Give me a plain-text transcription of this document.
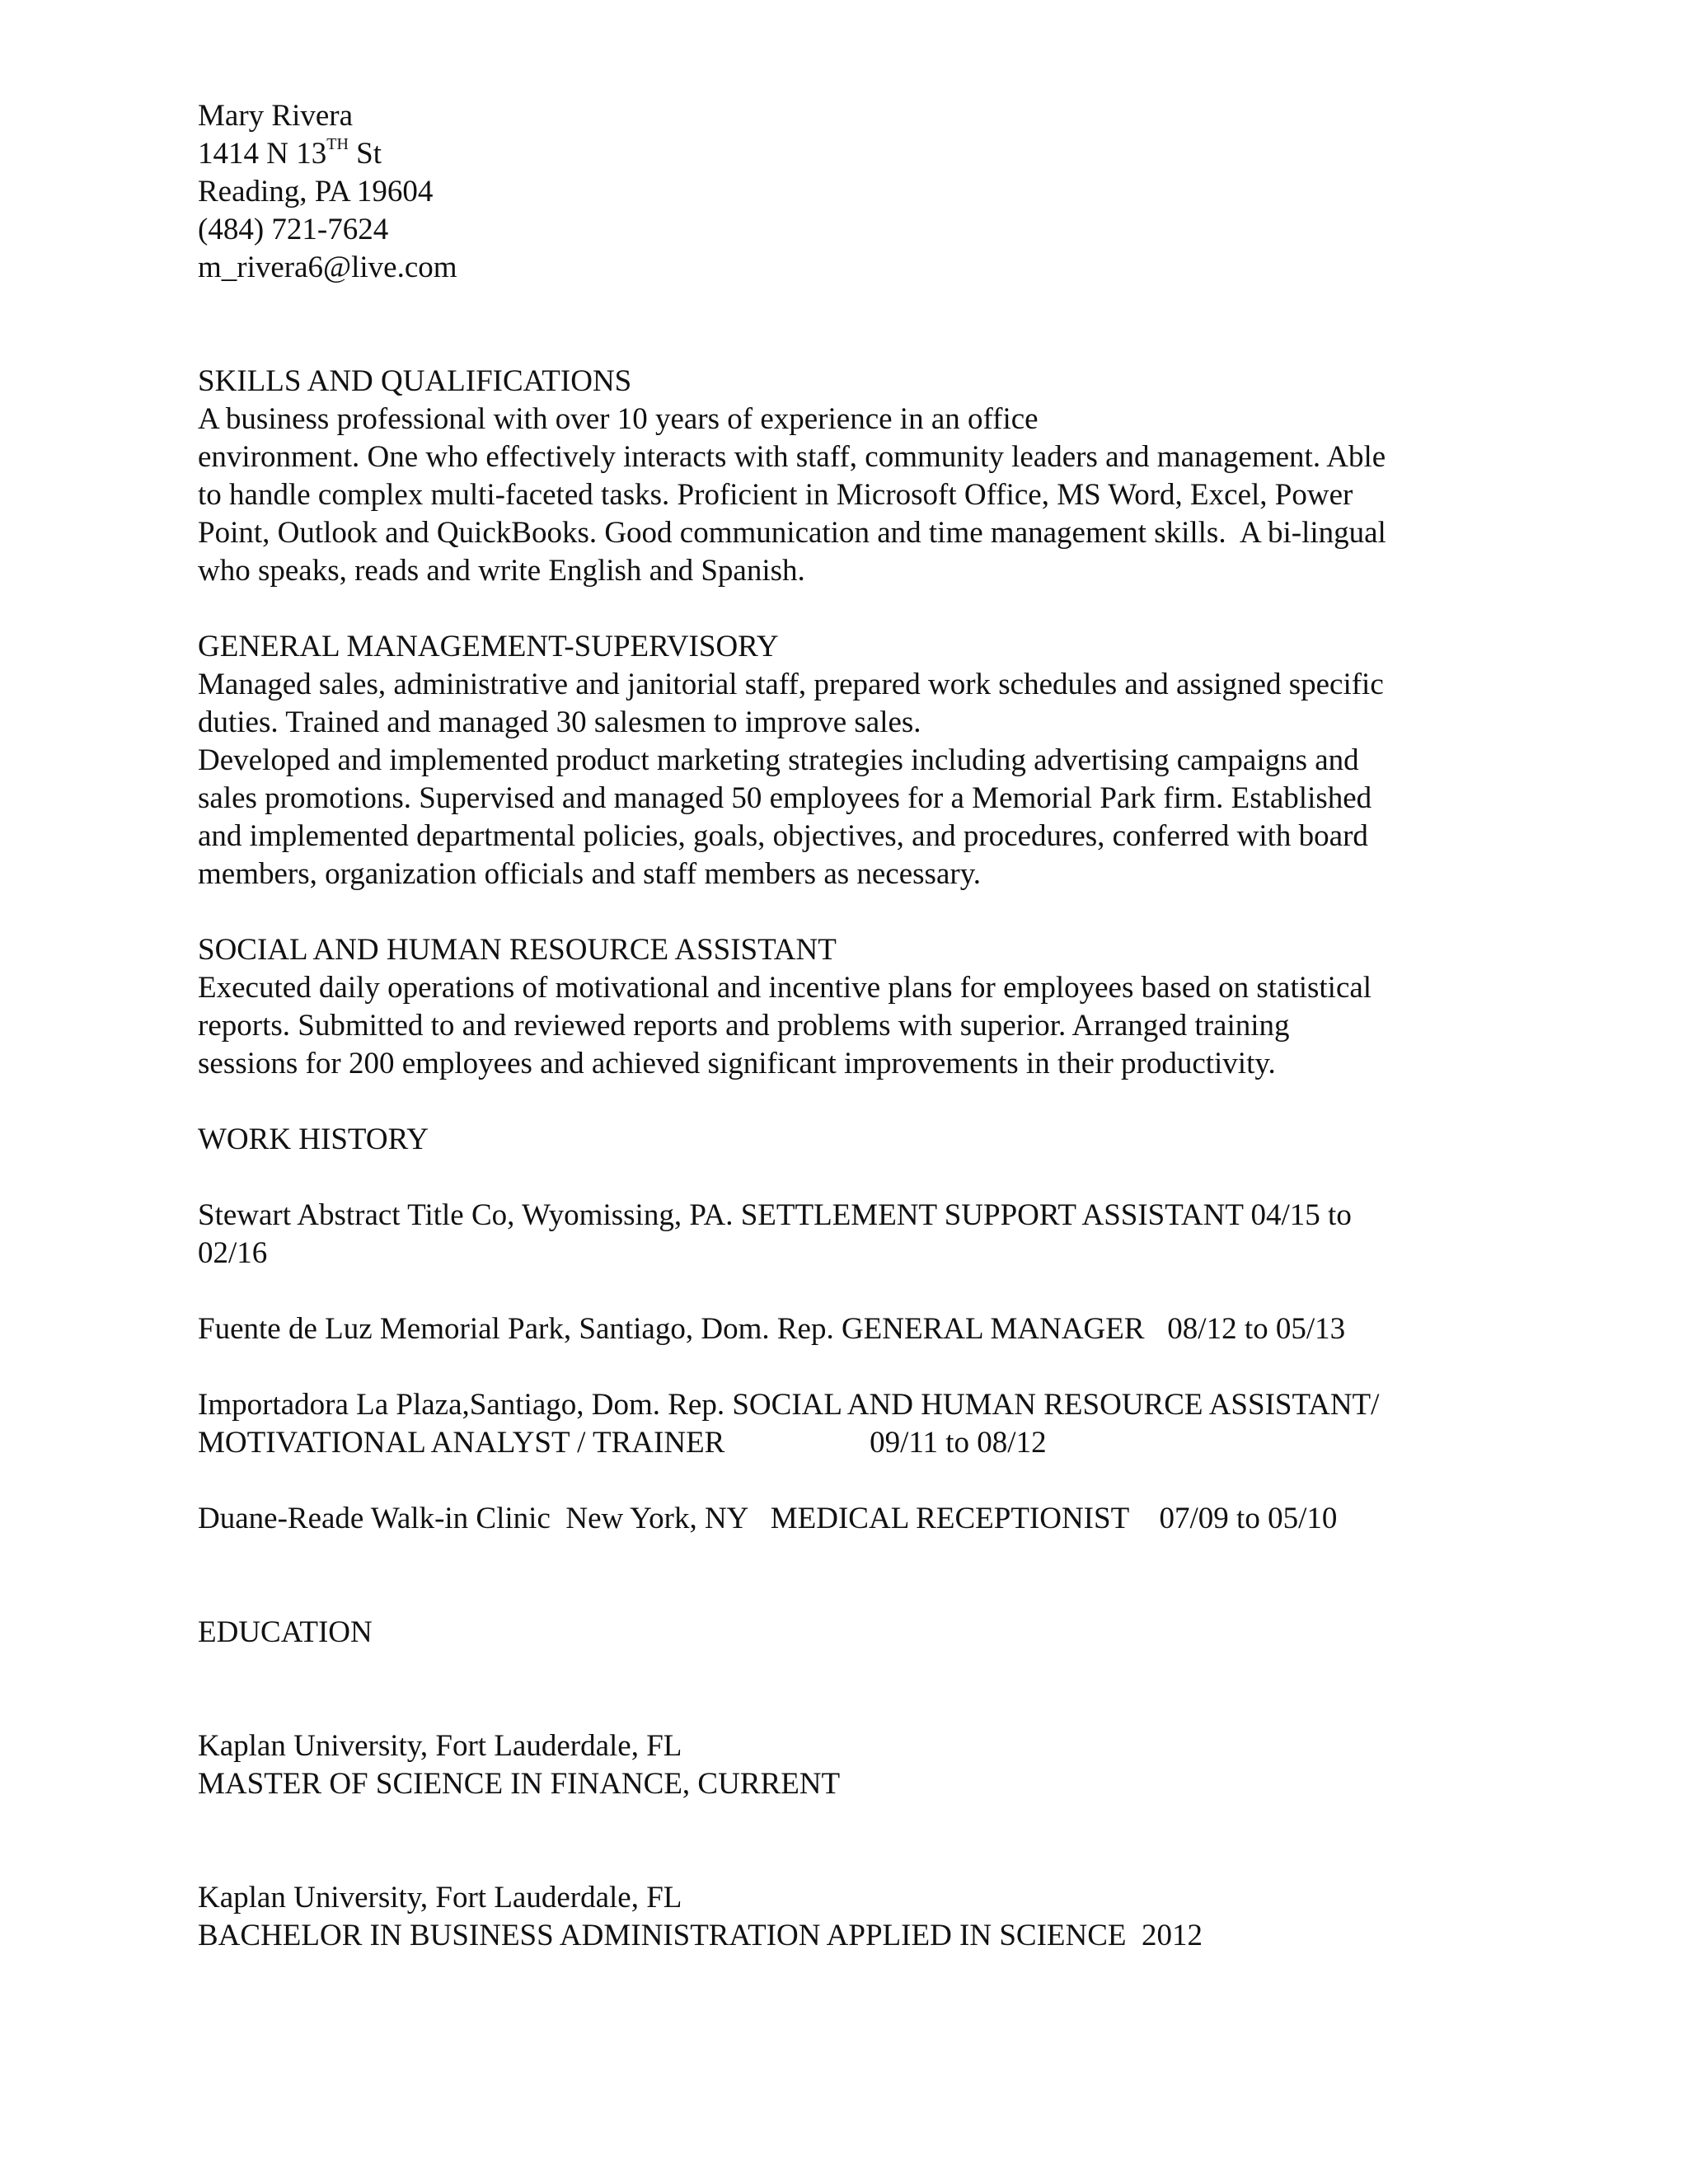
Mary Rivera
1414 N 13TH St
Reading, PA 19604
(484) 721-7624
m_rivera6@live.com
SKILLS AND QUALIFICATIONS
A business professional with over 10 years of experience in an office
environment. One who effectively interacts with staff, community leaders and management. Able
to handle complex multi-faceted tasks. Proficient in Microsoft Office, MS Word, Excel, Power
Point, Outlook and QuickBooks. Good communication and time management skills.  A bi-lingual
who speaks, reads and write English and Spanish.
GENERAL MANAGEMENT-SUPERVISORY
Managed sales, administrative and janitorial staff, prepared work schedules and assigned specific
duties. Trained and managed 30 salesmen to improve sales.
Developed and implemented product marketing strategies including advertising campaigns and
sales promotions. Supervised and managed 50 employees for a Memorial Park firm. Established
and implemented departmental policies, goals, objectives, and procedures, conferred with board
members, organization officials and staff members as necessary.
SOCIAL AND HUMAN RESOURCE ASSISTANT
Executed daily operations of motivational and incentive plans for employees based on statistical
reports. Submitted to and reviewed reports and problems with superior. Arranged training
sessions for 200 employees and achieved significant improvements in their productivity.
WORK HISTORY
Stewart Abstract Title Co, Wyomissing, PA. SETTLEMENT SUPPORT ASSISTANT 04/15 to
02/16
Fuente de Luz Memorial Park, Santiago, Dom. Rep. GENERAL MANAGER   08/12 to 05/13
Importadora La Plaza,Santiago, Dom. Rep. SOCIAL AND HUMAN RESOURCE ASSISTANT/
MOTIVATIONAL ANALYST / TRAINER                   09/11 to 08/12
Duane-Reade Walk-in Clinic  New York, NY   MEDICAL RECEPTIONIST    07/09 to 05/10
EDUCATION
Kaplan University, Fort Lauderdale, FL
MASTER OF SCIENCE IN FINANCE, CURRENT
Kaplan University, Fort Lauderdale, FL
BACHELOR IN BUSINESS ADMINISTRATION APPLIED IN SCIENCE  2012
